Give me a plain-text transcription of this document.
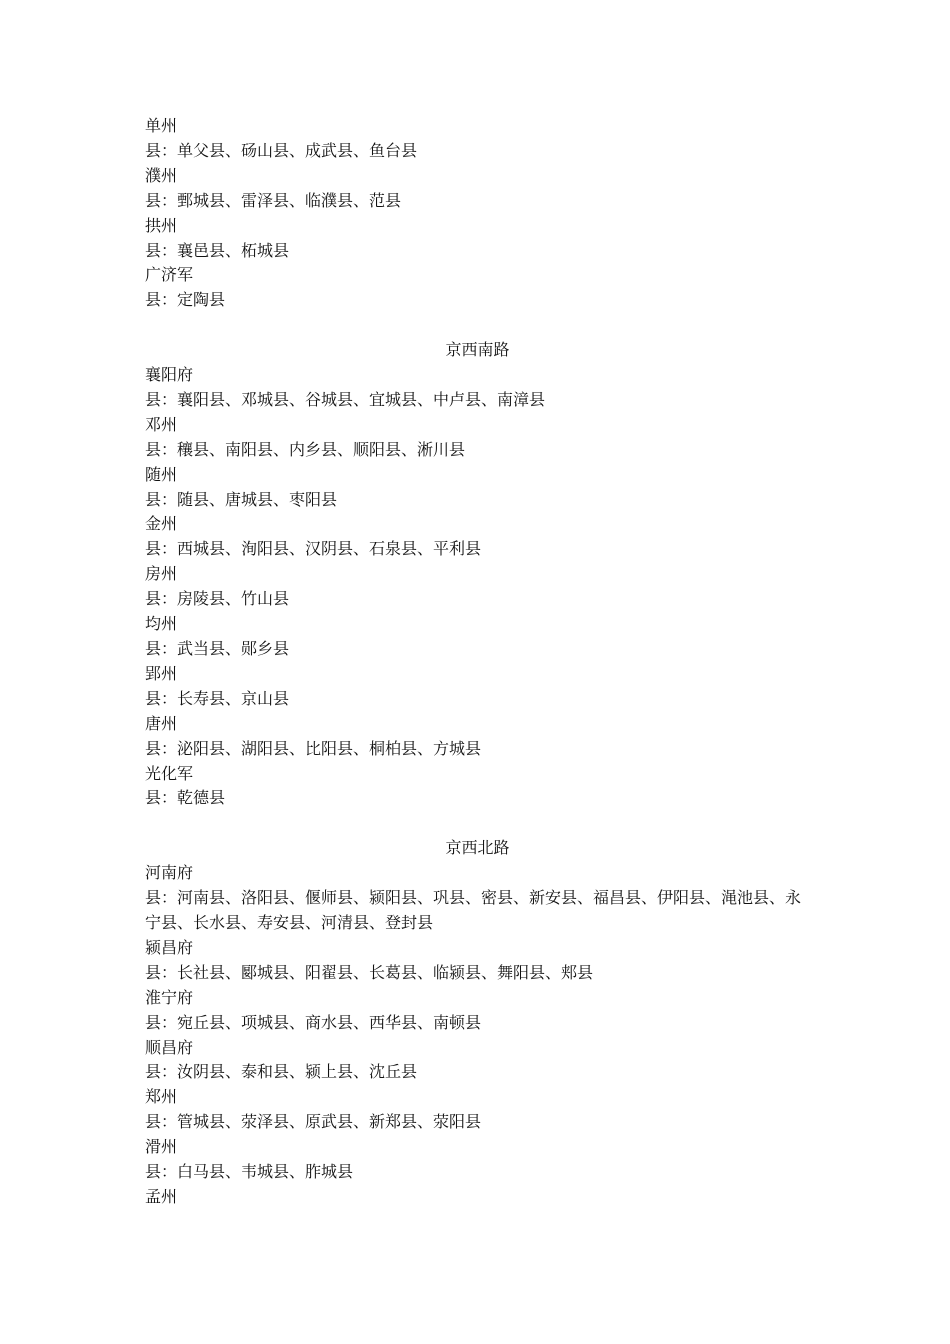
单州
县：单父县、砀山县、成武县、鱼台县
濮州
县：鄄城县、雷泽县、临濮县、范县
拱州
县：襄邑县、柘城县
广济军
县：定陶县
京西南路
襄阳府
县：襄阳县、邓城县、谷城县、宜城县、中卢县、南漳县
邓州
县：穰县、南阳县、内乡县、顺阳县、淅川县
随州
县：随县、唐城县、枣阳县
金州
县：西城县、洵阳县、汉阴县、石泉县、平利县
房州
县：房陵县、竹山县
均州
县：武当县、郧乡县
郢州
县：长寿县、京山县
唐州
县：泌阳县、湖阳县、比阳县、桐柏县、方城县
光化军
县：乾德县
京西北路
河南府
县：河南县、洛阳县、偃师县、颍阳县、巩县、密县、新安县、福昌县、伊阳县、渑池县、永宁县、长水县、寿安县、河清县、登封县
颍昌府
县：长社县、郾城县、阳翟县、长葛县、临颍县、舞阳县、郏县
淮宁府
县：宛丘县、项城县、商水县、西华县、南顿县
顺昌府
县：汝阴县、泰和县、颍上县、沈丘县
郑州
县：管城县、荥泽县、原武县、新郑县、荥阳县
滑州
县：白马县、韦城县、胙城县
孟州
